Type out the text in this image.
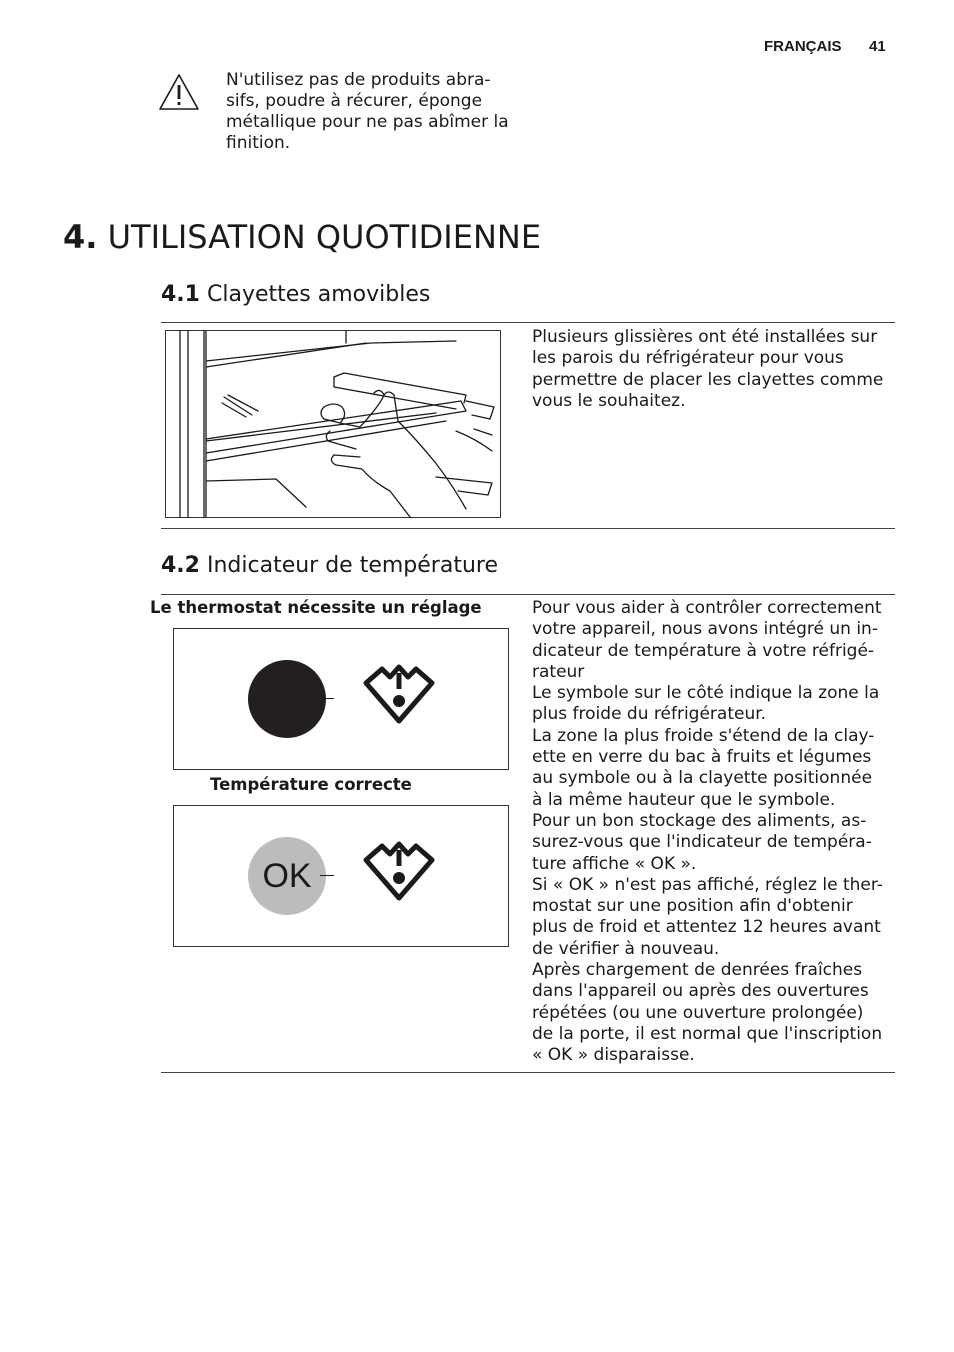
FRANÇAIS 41
N'utilisez pas de produits abra-
sifs, poudre à récurer, éponge
métallique pour ne pas abîmer la
finition.
4. UTILISATION QUOTIDIENNE
4.1 Clayettes amovibles
Plusieurs glissières ont été installées sur
les parois du réfrigérateur pour vous
permettre de placer les clayettes comme
vous le souhaitez.
4.2 Indicateur de température
Le thermostat nécessite un réglage
Température correcte
OK
Pour vous aider à contrôler correctement
votre appareil, nous avons intégré un in-
dicateur de température à votre réfrigé-
rateur
Le symbole sur le côté indique la zone la
plus froide du réfrigérateur.
La zone la plus froide s'étend de la clay-
ette en verre du bac à fruits et légumes
au symbole ou à la clayette positionnée
à la même hauteur que le symbole.
Pour un bon stockage des aliments, as-
surez-vous que l'indicateur de tempéra-
ture affiche « OK ».
Si « OK » n'est pas affiché, réglez le ther-
mostat sur une position afin d'obtenir
plus de froid et attentez 12 heures avant
de vérifier à nouveau.
Après chargement de denrées fraîches
dans l'appareil ou après des ouvertures
répétées (ou une ouverture prolongée)
de la porte, il est normal que l'inscription
« OK » disparaisse.
